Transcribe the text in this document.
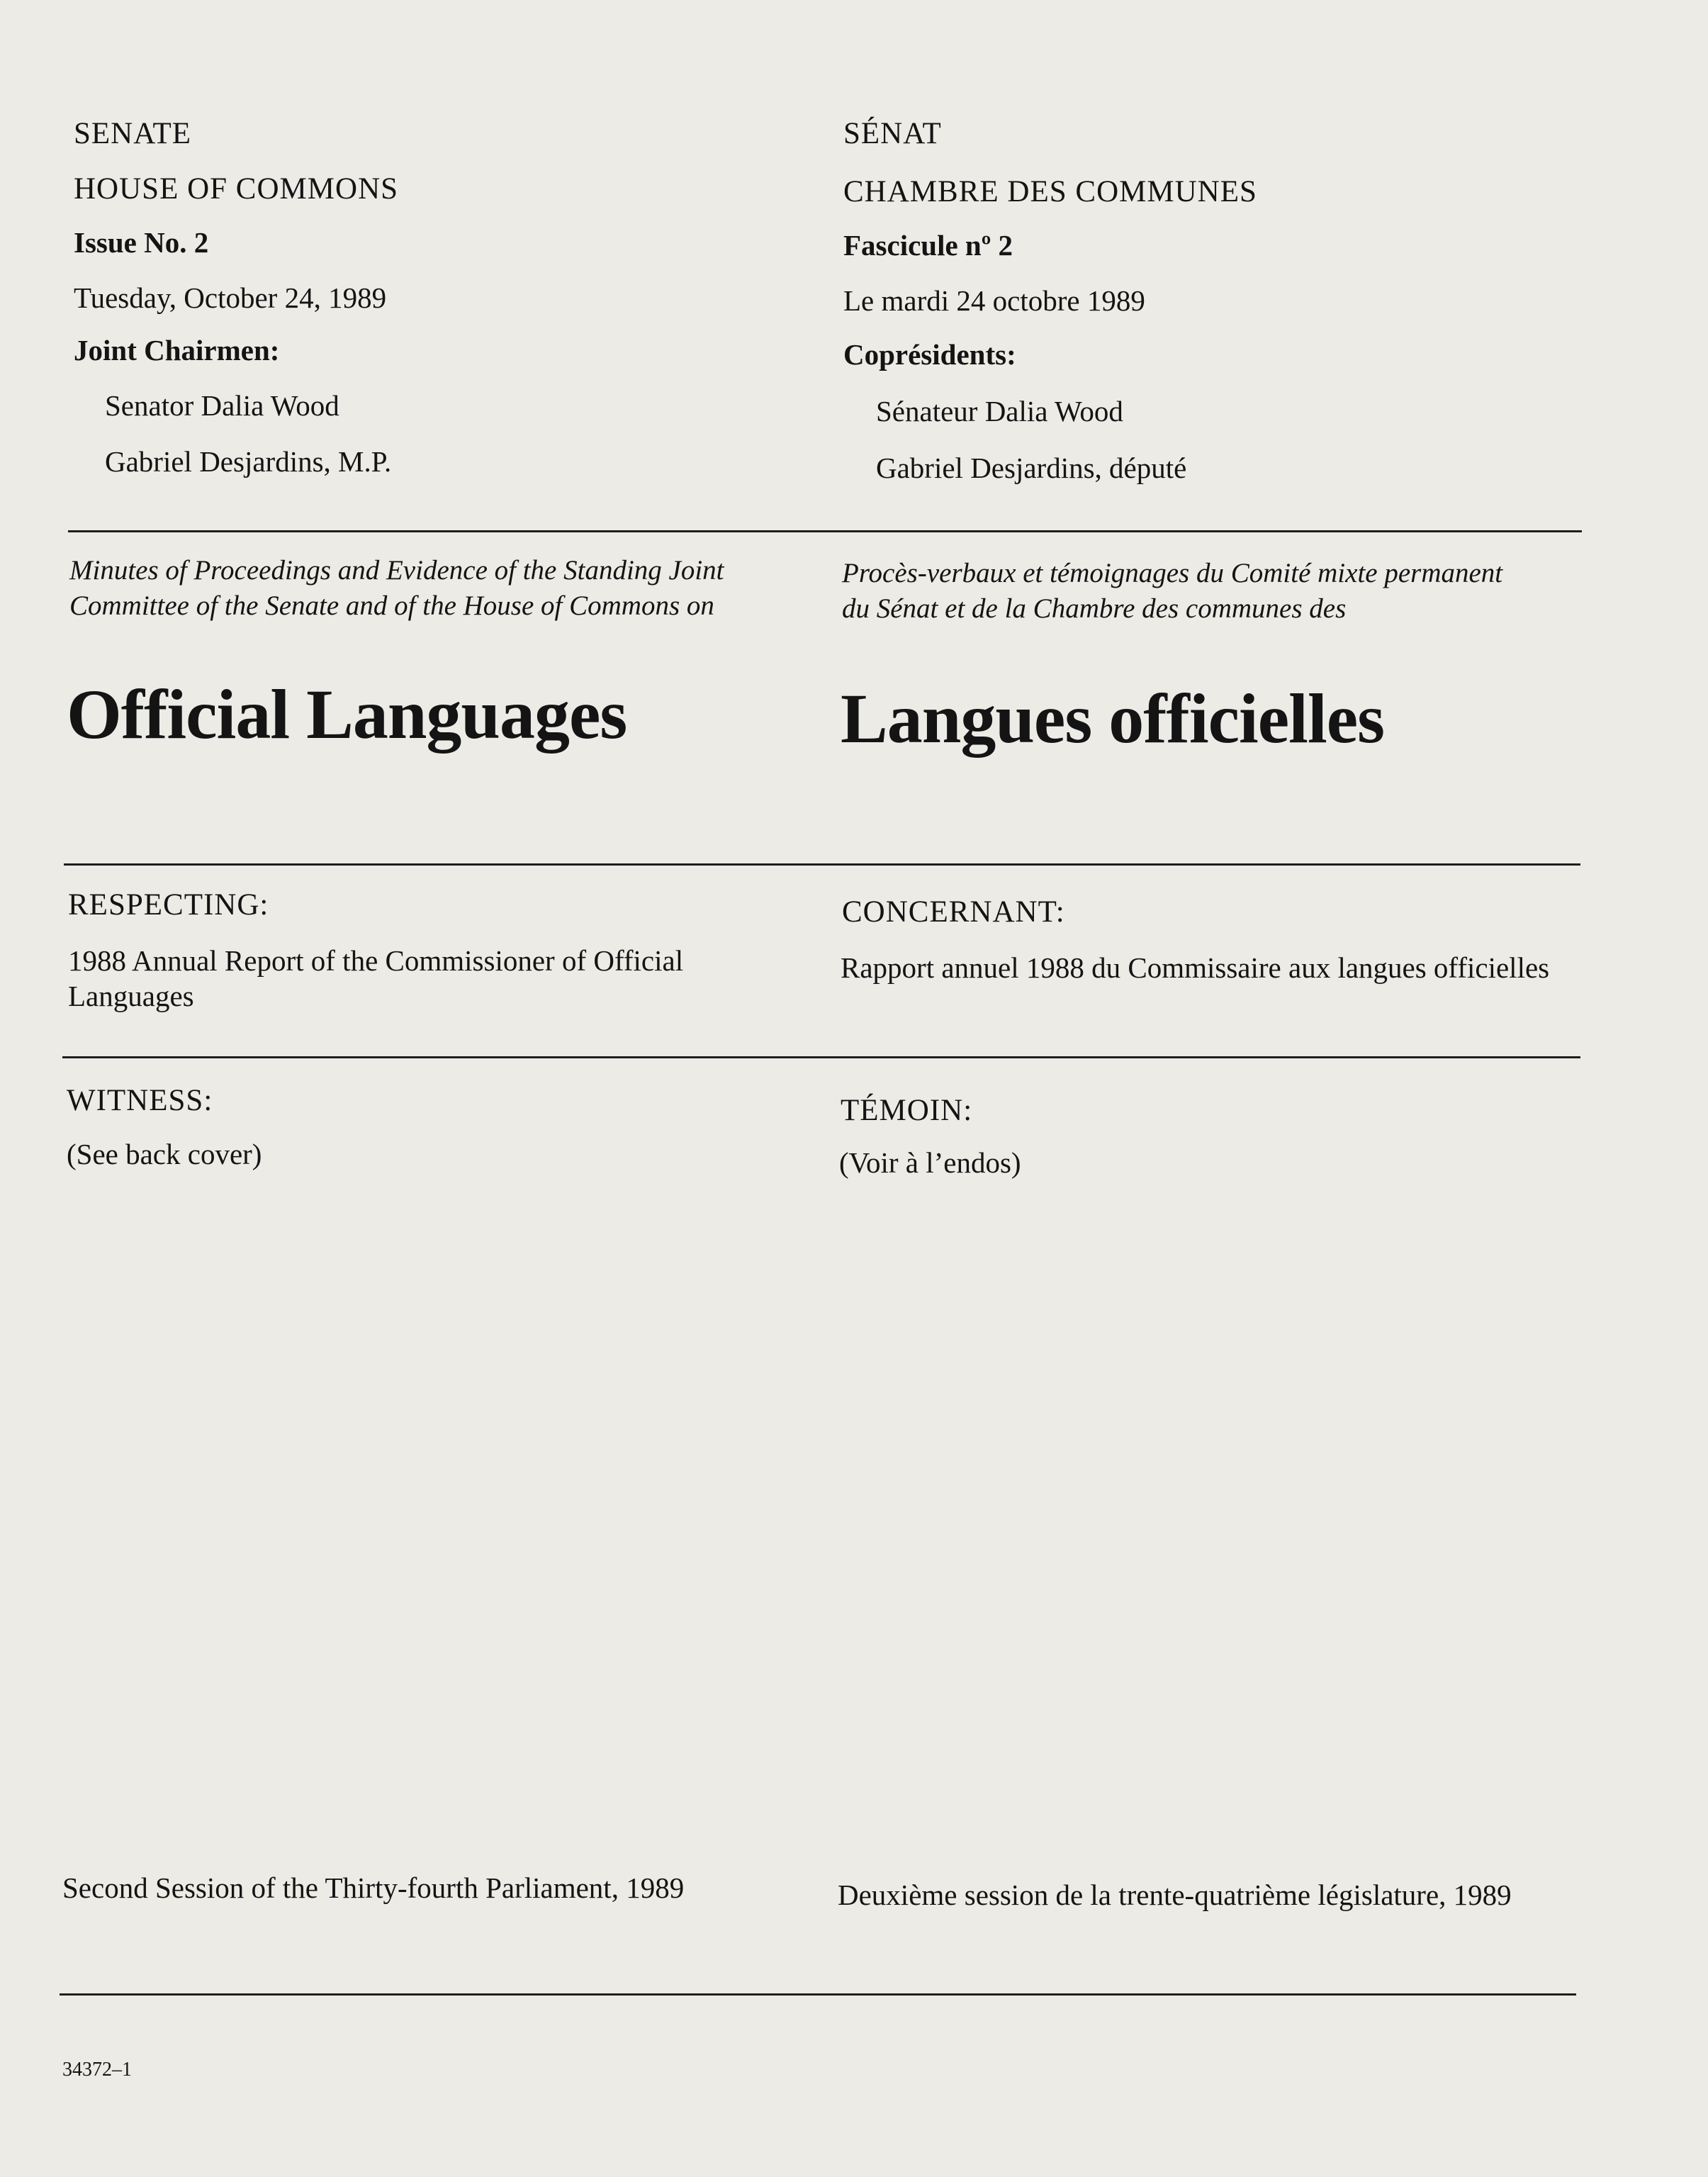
SENATE
HOUSE OF COMMONS
Issue No. 2
Tuesday, October 24, 1989
Joint Chairmen:
Senator Dalia Wood
Gabriel Desjardins, M.P.
Minutes of Proceedings and Evidence of the Standing Joint Committee of the Senate and of the House of Commons on
Official Languages
RESPECTING:
1988 Annual Report of the Commissioner of Official Languages
WITNESS:
(See back cover)
Second Session of the Thirty-fourth Parliament, 1989
34372–1
SÉNAT
CHAMBRE DES COMMUNES
Fascicule nº 2
Le mardi 24 octobre 1989
Coprésidents:
Sénateur Dalia Wood
Gabriel Desjardins, député
Procès-verbaux et témoignages du Comité mixte permanent du Sénat et de la Chambre des communes des
Langues officielles
CONCERNANT:
Rapport annuel 1988 du Commissaire aux langues officielles
TÉMOIN:
(Voir à l’endos)
Deuxième session de la trente-quatrième législature, 1989
